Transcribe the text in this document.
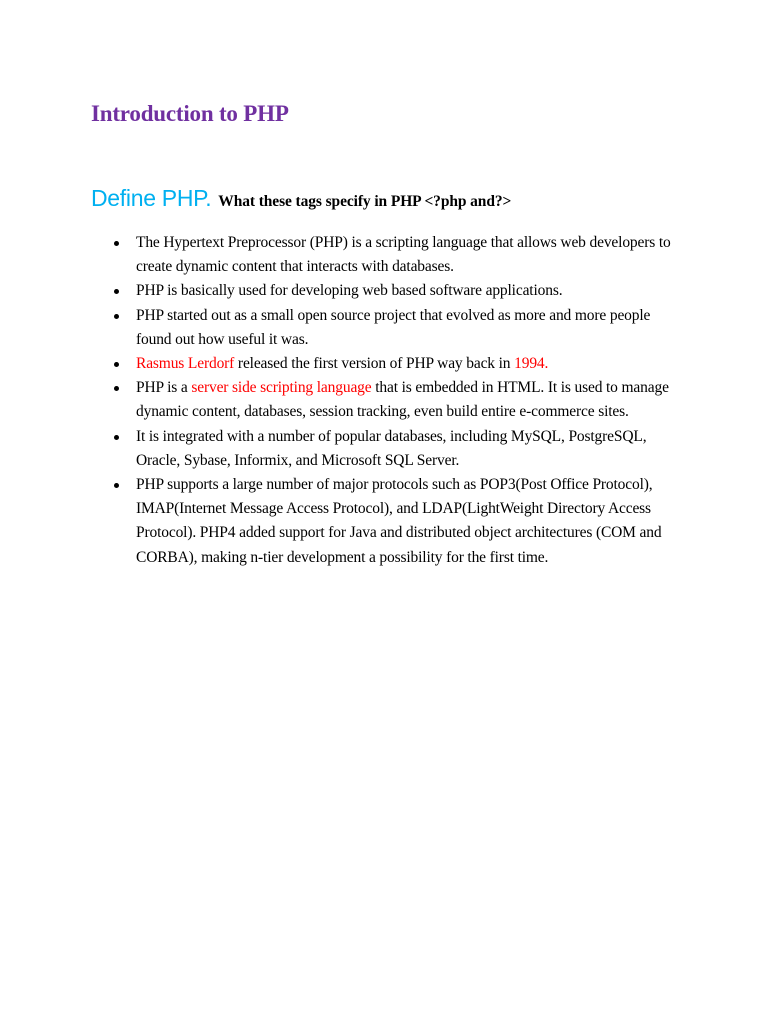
Introduction to PHP
Define PHP. What these tags specify in PHP <?php and?>
The Hypertext Preprocessor (PHP) is a scripting language that allows web developers to create dynamic content that interacts with databases.
PHP is basically used for developing web based software applications.
PHP started out as a small open source project that evolved as more and more people found out how useful it was.
Rasmus Lerdorf released the first version of PHP way back in 1994.
PHP is a server side scripting language that is embedded in HTML. It is used to manage dynamic content, databases, session tracking, even build entire e-commerce sites.
It is integrated with a number of popular databases, including MySQL, PostgreSQL, Oracle, Sybase, Informix, and Microsoft SQL Server.
PHP supports a large number of major protocols such as POP3(Post Office Protocol), IMAP(Internet Message Access Protocol), and LDAP(LightWeight Directory Access Protocol). PHP4 added support for Java and distributed object architectures (COM and CORBA), making n-tier development a possibility for the first time.
